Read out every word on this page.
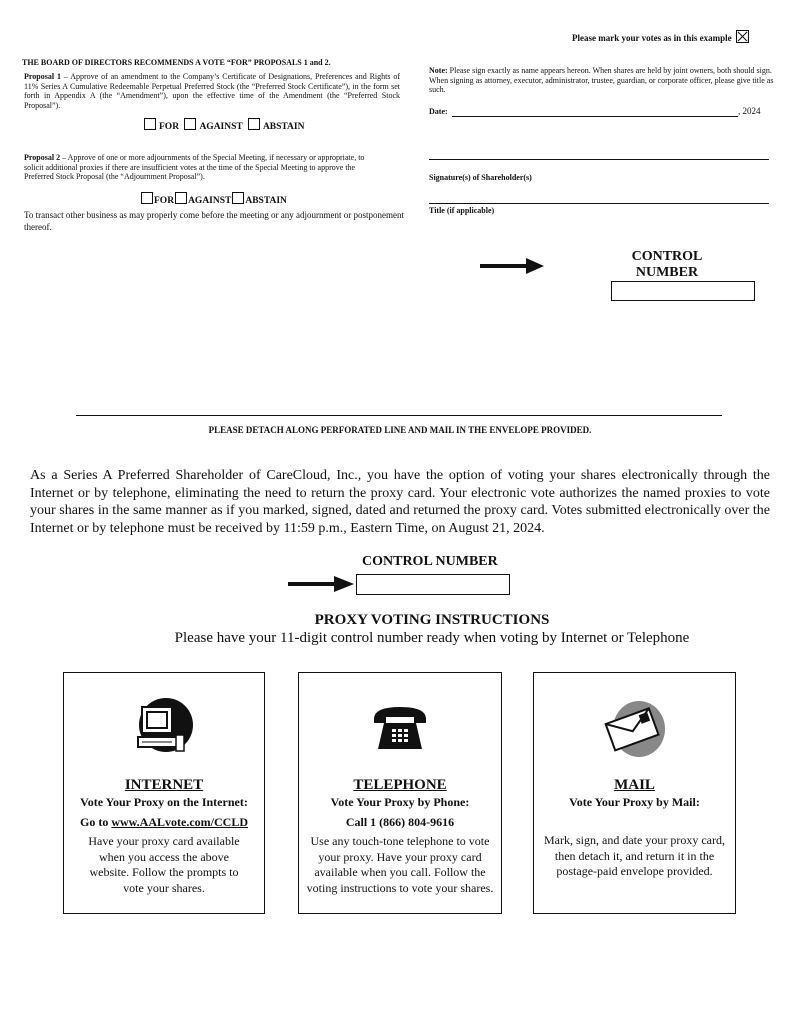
Please mark your votes as in this example
THE BOARD OF DIRECTORS RECOMMENDS A VOTE “FOR” PROPOSALS 1 and 2.
Proposal 1 – Approve of an amendment to the Company’s Certificate of Designations, Preferences and Rights of 11% Series A Cumulative Redeemable Perpetual Preferred Stock (the “Preferred Stock Certificate”), in the form set forth in Appendix A (the “Amendment”), upon the effective time of the Amendment (the “Preferred Stock Proposal”).
FOR AGAINST ABSTAIN
Proposal 2 – Approve of one or more adjournments of the Special Meeting, if necessary or appropriate, to solicit additional proxies if there are insufficient votes at the time of the Special Meeting to approve the Preferred Stock Proposal (the “Adjournment Proposal”).
FOR AGAINST ABSTAIN
To transact other business as may properly come before the meeting or any adjournment or postponement thereof.
Note: Please sign exactly as name appears hereon. When shares are held by joint owners, both should sign. When signing as attorney, executor, administrator, trustee, guardian, or corporate officer, please give title as such.
Date:	, 2024
Signature(s) of Shareholder(s)
Title (if applicable)
CONTROL
NUMBER
PLEASE DETACH ALONG PERFORATED LINE AND MAIL IN THE ENVELOPE PROVIDED.
As a Series A Preferred Shareholder of CareCloud, Inc., you have the option of voting your shares electronically through the Internet or by telephone, eliminating the need to return the proxy card. Your electronic vote authorizes the named proxies to vote your shares in the same manner as if you marked, signed, dated and returned the proxy card. Votes submitted electronically over the Internet or by telephone must be received by 11:59 p.m., Eastern Time, on August 21, 2024.
CONTROL NUMBER
PROXY VOTING INSTRUCTIONS
Please have your 11-digit control number ready when voting by Internet or Telephone
INTERNET
Vote Your Proxy on the Internet:
Go to www.AALvote.com/CCLD
Have your proxy card available when you access the above website. Follow the prompts to vote your shares.
TELEPHONE
Vote Your Proxy by Phone:
Call 1 (866) 804-9616
Use any touch-tone telephone to vote your proxy. Have your proxy card available when you call. Follow the voting instructions to vote your shares.
MAIL
Vote Your Proxy by Mail:
Mark, sign, and date your proxy card, then detach it, and return it in the postage-paid envelope provided.
